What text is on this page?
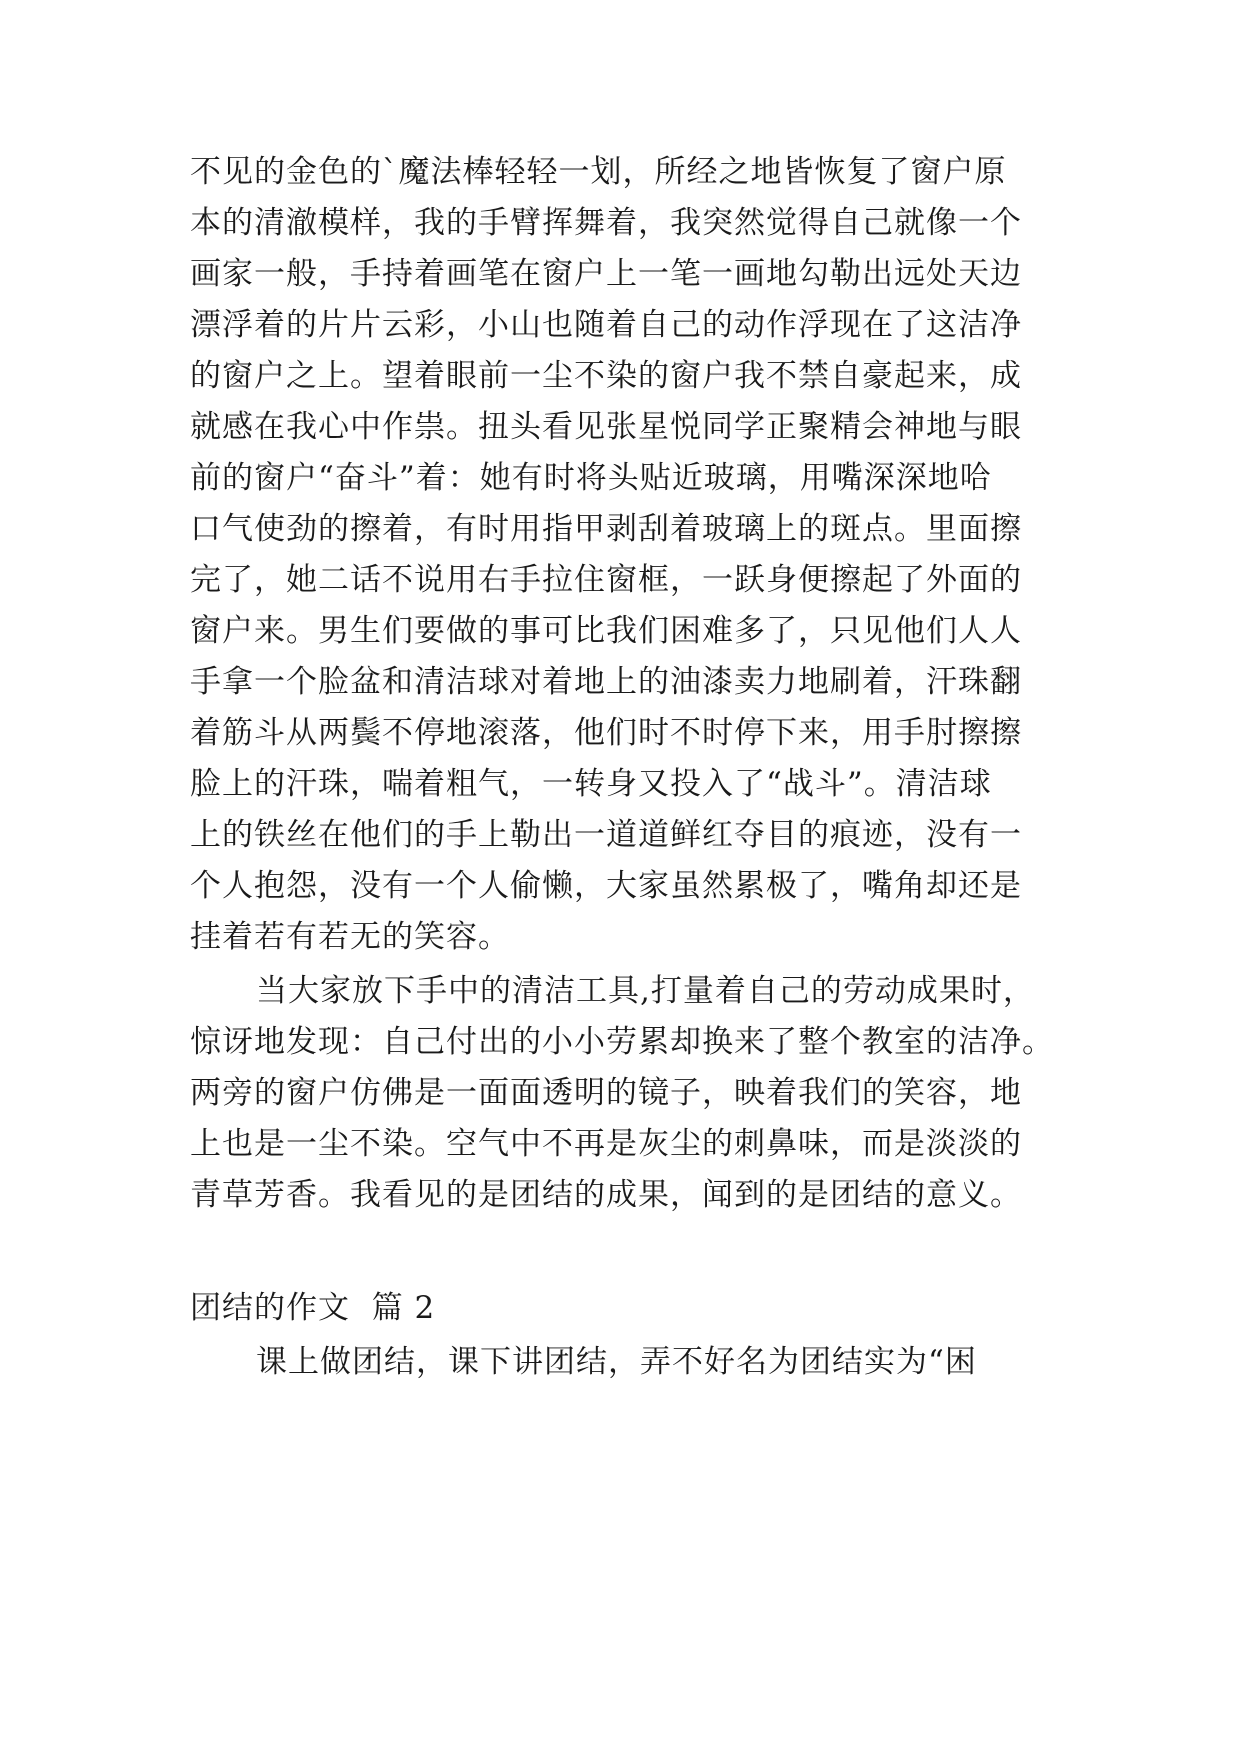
不见的金色的`魔法棒轻轻一划，所经之地皆恢复了窗户原
本的清澈模样，我的手臂挥舞着，我突然觉得自己就像一个
画家一般，手持着画笔在窗户上一笔一画地勾勒出远处天边
漂浮着的片片云彩，小山也随着自己的动作浮现在了这洁净
的窗户之上。望着眼前一尘不染的窗户我不禁自豪起来，成
就感在我心中作祟。扭头看见张星悦同学正聚精会神地与眼
前的窗户“奋斗”着：她有时将头贴近玻璃，用嘴深深地哈
口气使劲的擦着，有时用指甲剥刮着玻璃上的斑点。里面擦
完了，她二话不说用右手拉住窗框，一跃身便擦起了外面的
窗户来。男生们要做的事可比我们困难多了，只见他们人人
手拿一个脸盆和清洁球对着地上的油漆卖力地刷着，汗珠翻
着筋斗从两鬓不停地滚落，他们时不时停下来，用手肘擦擦
脸上的汗珠，喘着粗气，一转身又投入了“战斗”。清洁球
上的铁丝在他们的手上勒出一道道鲜红夺目的痕迹，没有一
个人抱怨，没有一个人偷懒，大家虽然累极了，嘴角却还是
挂着若有若无的笑容。
当大家放下手中的清洁工具,打量着自己的劳动成果时，
惊讶地发现：自己付出的小小劳累却换来了整个教室的洁净。
两旁的窗户仿佛是一面面透明的镜子，映着我们的笑容，地
上也是一尘不染。空气中不再是灰尘的刺鼻味，而是淡淡的
青草芳香。我看见的是团结的成果，闻到的是团结的意义。
团结的作文  篇 2
课上做团结，课下讲团结，弄不好名为团结实为“困
